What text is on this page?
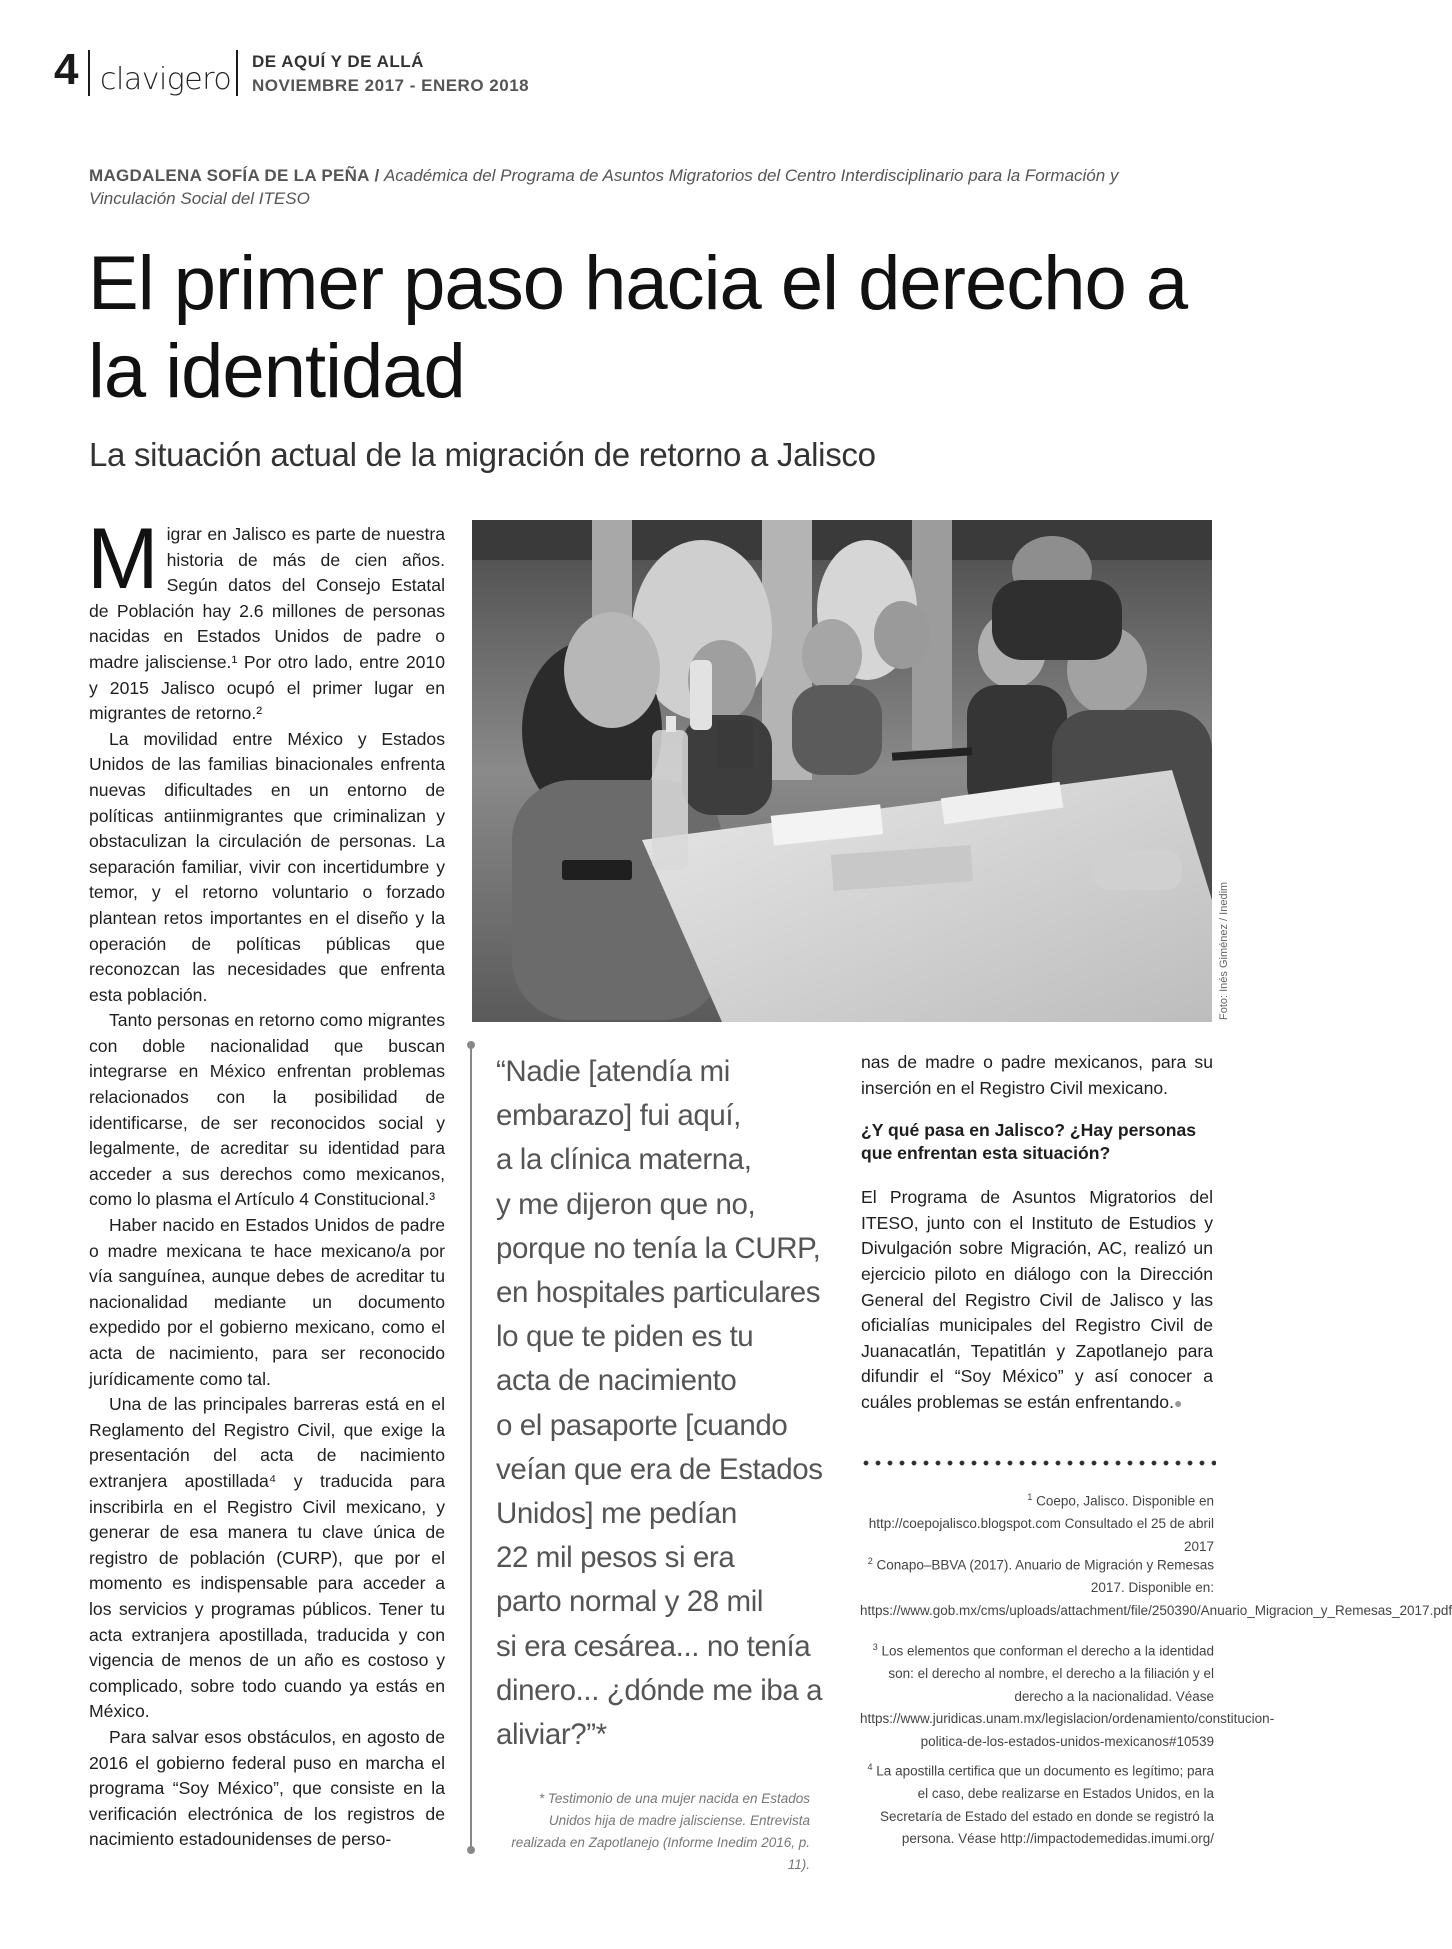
4 clavigero
DE AQUÍ Y DE ALLÁ
NOVIEMBRE 2017 - ENERO 2018
MAGDALENA SOFÍA DE LA PEÑA / Académica del Programa de Asuntos Migratorios del Centro Interdisciplinario para la Formación y Vinculación Social del ITESO
El primer paso hacia el derecho a la identidad
La situación actual de la migración de retorno a Jalisco

Migrar en Jalisco es parte de nuestra historia de más de cien años. Según datos del Consejo Estatal de Población hay 2.6 millones de personas nacidas en Estados Unidos de padre o madre jalisciense.¹ Por otro lado, entre 2010 y 2015 Jalisco ocupó el primer lugar en migrantes de retorno.²

La movilidad entre México y Estados Unidos de las familias binacionales enfrenta nuevas dificultades en un entorno de políticas antiinmigrantes que criminalizan y obstaculizan la circulación de personas. La separación familiar, vivir con incertidumbre y temor, y el retorno voluntario o forzado plantean retos importantes en el diseño y la operación de políticas públicas que reconozcan las necesidades que enfrenta esta población.

Tanto personas en retorno como migrantes con doble nacionalidad que buscan integrarse en México enfrentan problemas relacionados con la posibilidad de identificarse, de ser reconocidos social y legalmente, de acreditar su identidad para acceder a sus derechos como mexicanos, como lo plasma el Artículo 4 Constitucional.³

Haber nacido en Estados Unidos de padre o madre mexicana te hace mexicano/a por vía sanguínea, aunque debes de acreditar tu nacionalidad mediante un documento expedido por el gobierno mexicano, como el acta de nacimiento, para ser reconocido jurídicamente como tal.

Una de las principales barreras está en el Reglamento del Registro Civil, que exige la presentación del acta de nacimiento extranjera apostillada⁴ y traducida para inscribirla en el Registro Civil mexicano, y generar de esa manera tu clave única de registro de población (CURP), que por el momento es indispensable para acceder a los servicios y programas públicos. Tener tu acta extranjera apostillada, traducida y con vigencia de menos de un año es costoso y complicado, sobre todo cuando ya estás en México.

Para salvar esos obstáculos, en agosto de 2016 el gobierno federal puso en marcha el programa “Soy México”, que consiste en la verificación electrónica de los registros de nacimiento estadounidenses de perso-

Foto: Inés Giménez / Inedim
“Nadie [atendía mi
embarazo] fui aquí,
a la clínica materna,
y me dijeron que no,
porque no tenía la CURP,
en hospitales particulares
lo que te piden es tu
acta de nacimiento
o el pasaporte [cuando
veían que era de Estados
Unidos] me pedían
22 mil pesos si era
parto normal y 28 mil
si era cesárea... no tenía
dinero... ¿dónde me iba a
aliviar?”*
* Testimonio de una mujer nacida en Estados Unidos hija de madre jalisciense. Entrevista realizada en Zapotlanejo (Informe Inedim 2016, p. 11).

nas de madre o padre mexicanos, para su inserción en el Registro Civil mexicano.

¿Y qué pasa en Jalisco? ¿Hay personas que enfrentan esta situación?

El Programa de Asuntos Migratorios del ITESO, junto con el Instituto de Estudios y Divulgación sobre Migración, AC, realizó un ejercicio piloto en diálogo con la Dirección General del Registro Civil de Jalisco y las oficialías municipales del Registro Civil de Juanacatlán, Tepatitlán y Zapotlanejo para difundir el “Soy México” y así conocer a cuáles problemas se están enfrentando.●

$^1$ Coepo, Jalisco. Disponible en http://coepojalisco.blogspot.com Consultado el 25 de abril 2017
$^2$ Conapo–BBVA (2017). Anuario de Migración y Remesas 2017. Disponible en: https://www.gob.mx/cms/uploads/attachment/file/250390/Anuario_Migracion_y_Remesas_2017.pdf
$^3$ Los elementos que conforman el derecho a la identidad son: el derecho al nombre, el derecho a la filiación y el derecho a la nacionalidad. Véase https://www.juridicas.unam.mx/legislacion/ordenamiento/constitucion-politica-de-los-estados-unidos-mexicanos#10539
$^4$ La apostilla certifica que un documento es legítimo; para el caso, debe realizarse en Estados Unidos, en la Secretaría de Estado del estado en donde se registró la persona. Véase http://impactodemedidas.imumi.org/
